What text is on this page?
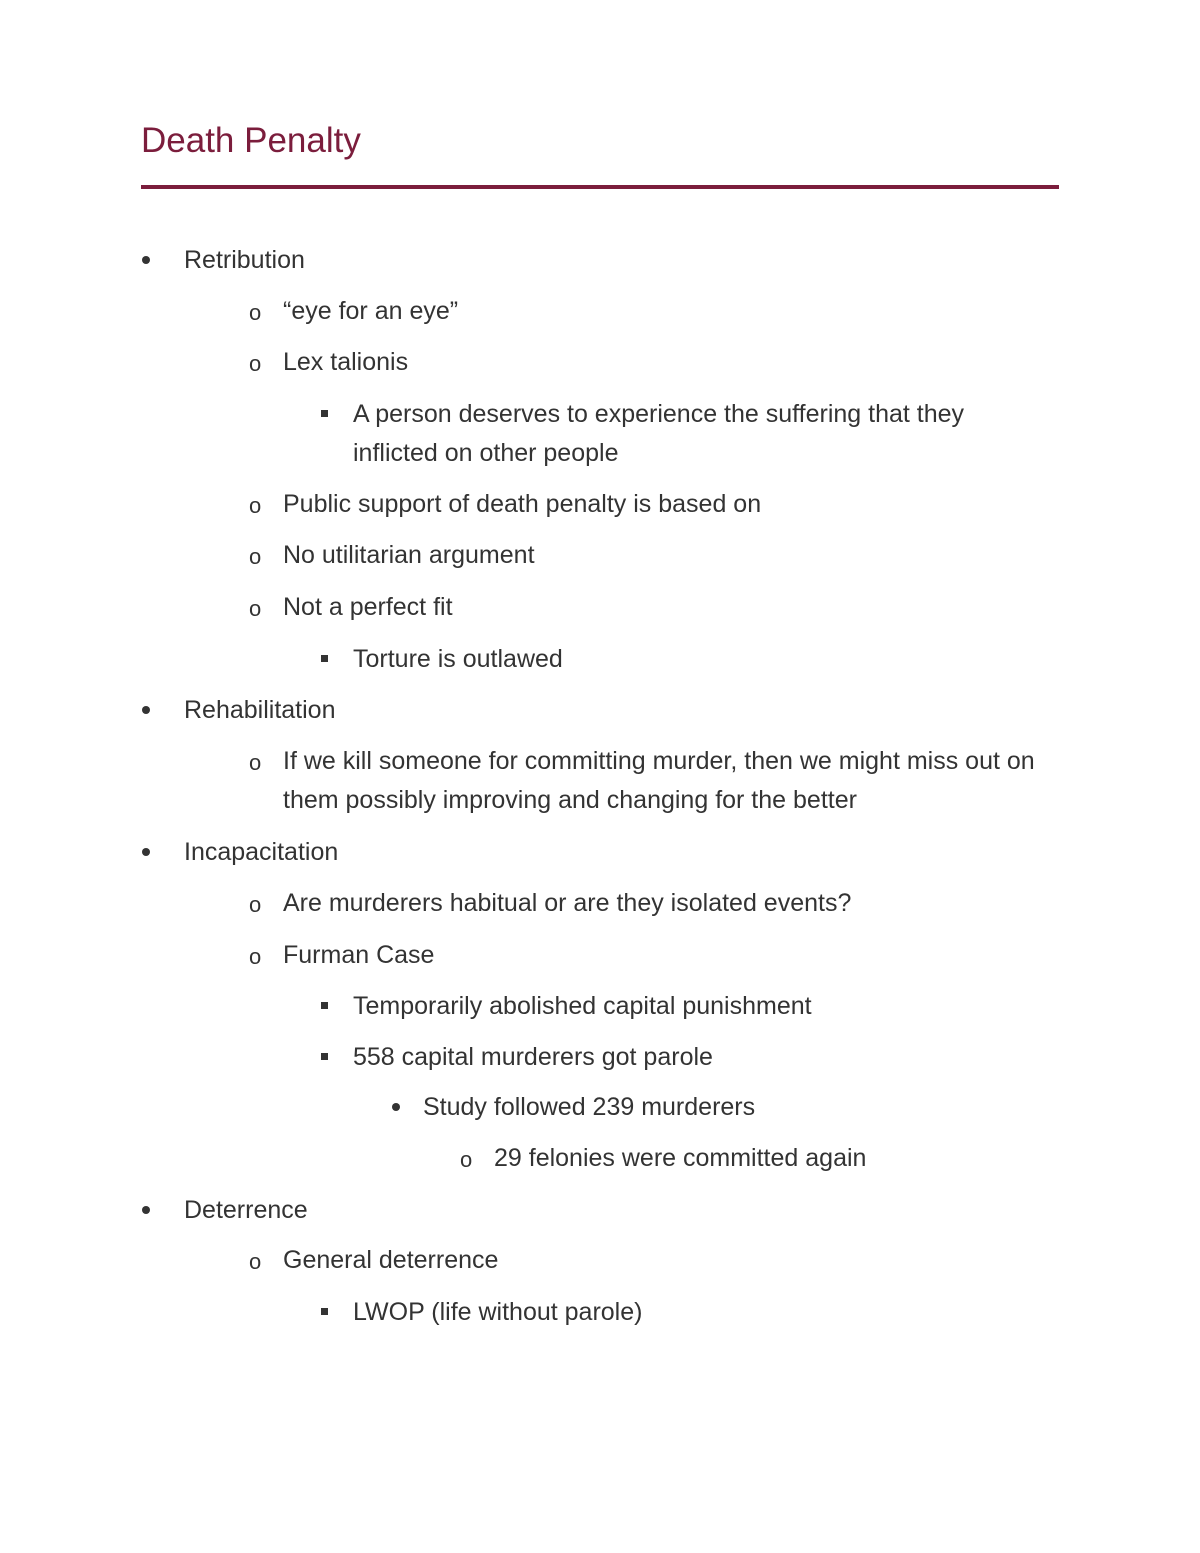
Death Penalty
Retribution
o “eye for an eye”
o Lex talionis
A person deserves to experience the suffering that they inflicted on other people
o Public support of death penalty is based on
o No utilitarian argument
o Not a perfect fit
Torture is outlawed
Rehabilitation
o If we kill someone for committing murder, then we might miss out on them possibly improving and changing for the better
Incapacitation
o Are murderers habitual or are they isolated events?
o Furman Case
Temporarily abolished capital punishment
558 capital murderers got parole
Study followed 239 murderers
o 29 felonies were committed again
Deterrence
o General deterrence
LWOP (life without parole)
